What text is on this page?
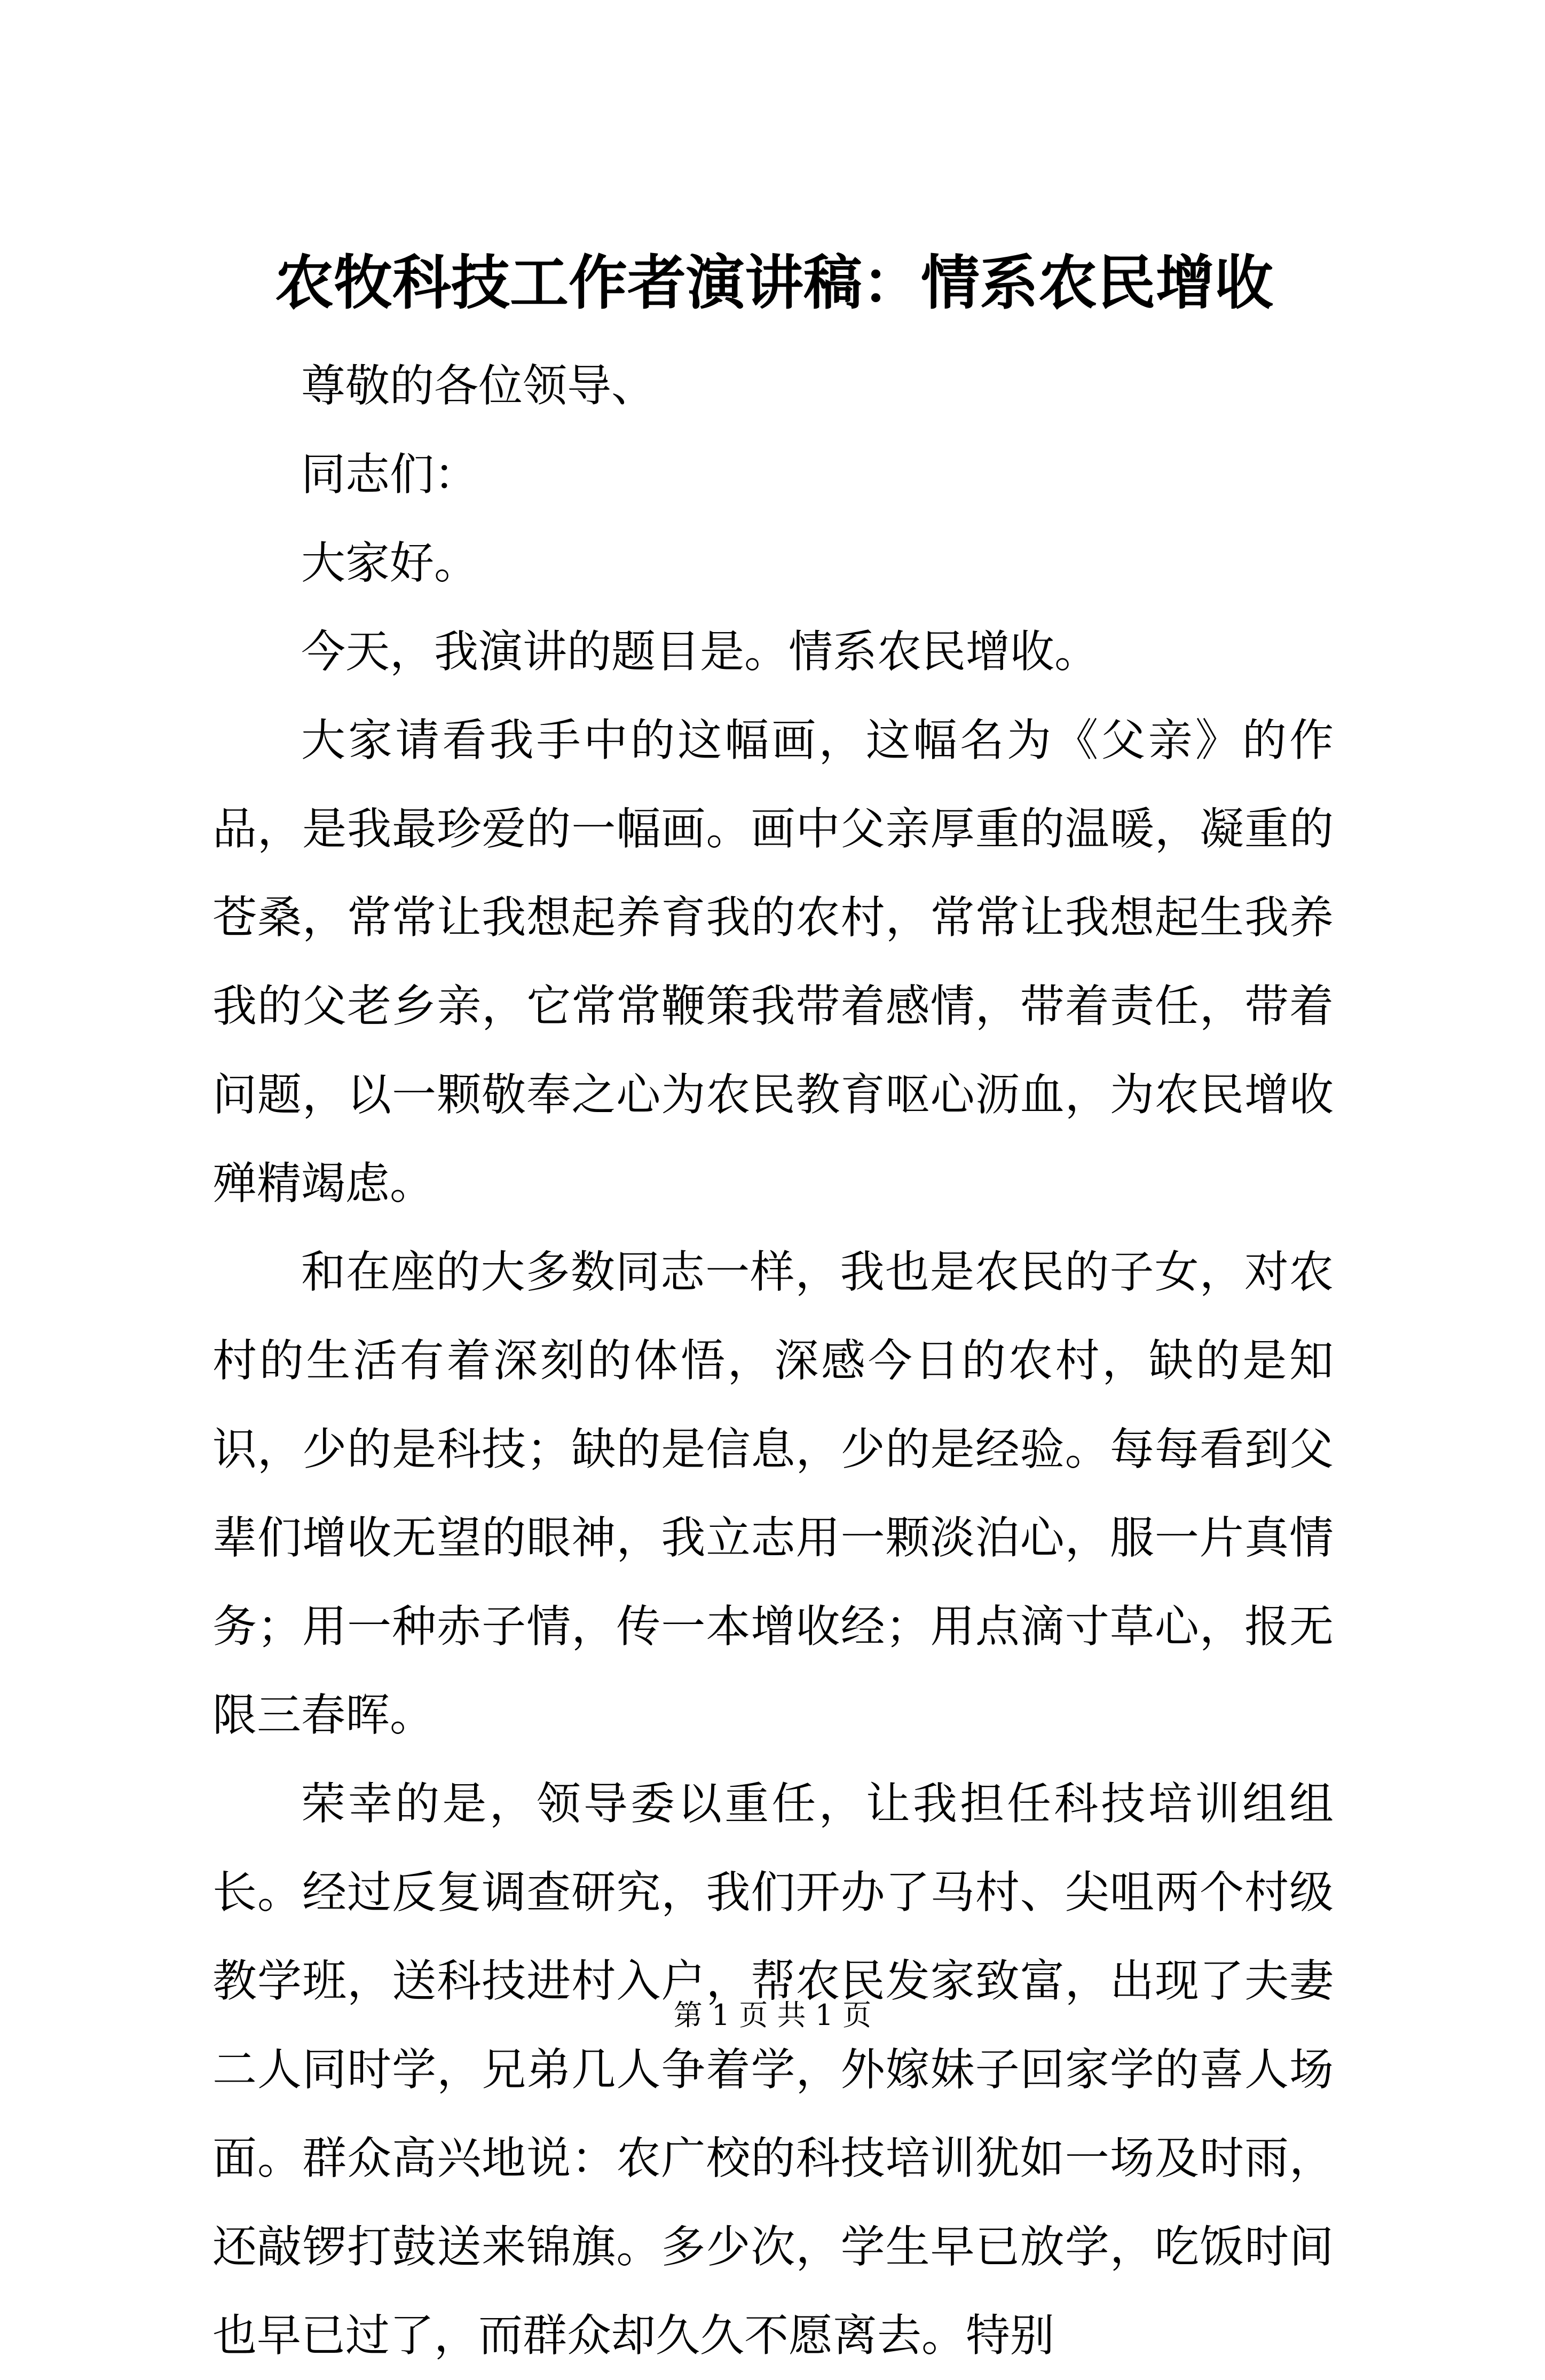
农牧科技工作者演讲稿：情系农民增收

尊敬的各位领导、

同志们：

大家好。

今天，我演讲的题目是。情系农民增收。

大家请看我手中的这幅画，这幅名为《父亲》的作品，是我最珍爱的一幅画。画中父亲厚重的温暖，凝重的苍桑，常常让我想起养育我的农村，常常让我想起生我养我的父老乡亲，它常常鞭策我带着感情，带着责任，带着问题，以一颗敬奉之心为农民教育呕心沥血，为农民增收殚精竭虑。

和在座的大多数同志一样，我也是农民的子女，对农村的生活有着深刻的体悟，深感今日的农村，缺的是知识，少的是科技；缺的是信息，少的是经验。每每看到父辈们增收无望的眼神，我立志用一颗淡泊心，服一片真情务；用一种赤子情，传一本增收经；用点滴寸草心，报无限三春晖。

荣幸的是，领导委以重任，让我担任科技培训组组长。经过反复调查研究，我们开办了马村、尖咀两个村级教学班，送科技进村入户，帮农民发家致富，出现了夫妻二人同时学，兄弟几人争着学，外嫁妹子回家学的喜人场面。群众高兴地说：农广校的科技培训犹如一场及时雨，还敲锣打鼓送来锦旗。多少次，学生早已放学，吃饭时间也早已过了，而群众却久久不愿离去。特别

第 1 页 共 1 页
